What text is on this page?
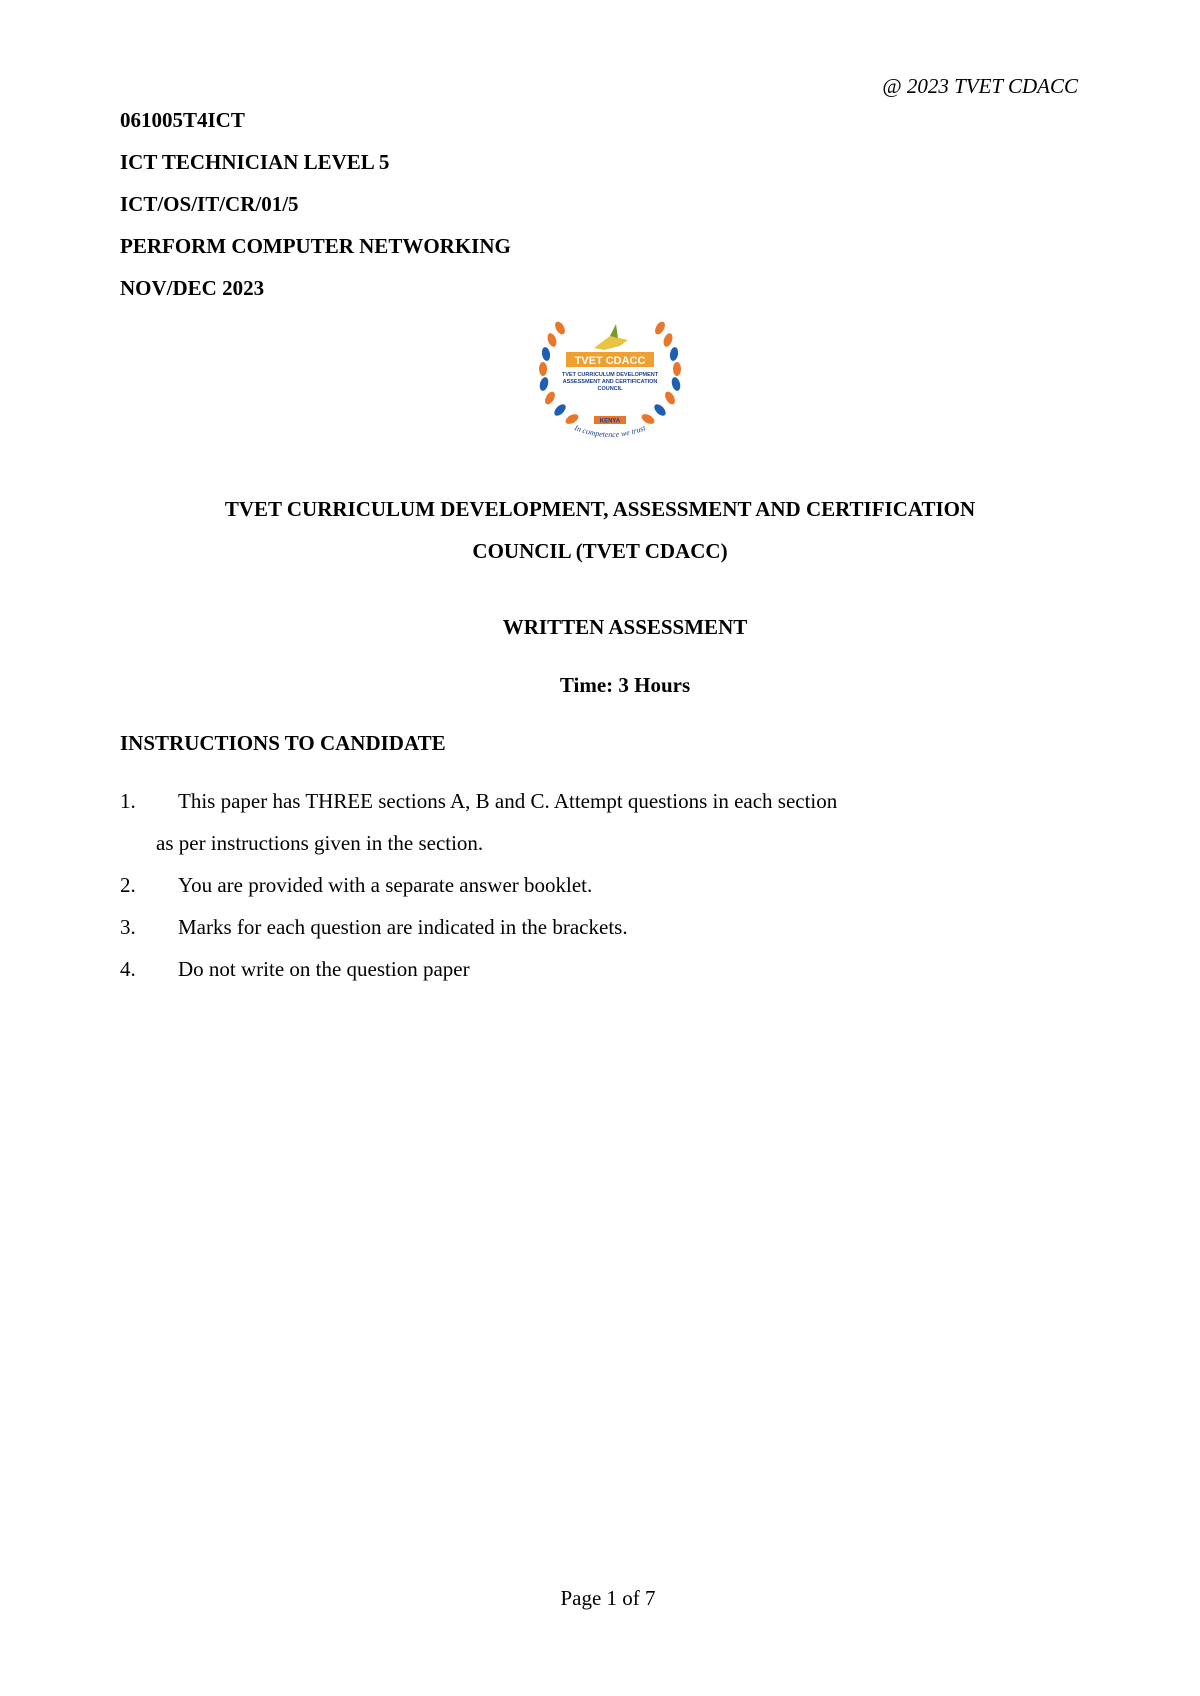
@ 2023 TVET CDACC
061005T4ICT
ICT TECHNICIAN LEVEL 5
ICT/OS/IT/CR/01/5
PERFORM COMPUTER NETWORKING
NOV/DEC 2023
TVET CDACC
TVET CURRICULUM DEVELOPMENT
ASSESSMENT AND CERTIFICATION
COUNCIL
KENYA
In competence we trust
TVET CURRICULUM DEVELOPMENT, ASSESSMENT AND CERTIFICATION
COUNCIL (TVET CDACC)
WRITTEN ASSESSMENT
Time: 3 Hours
INSTRUCTIONS TO CANDIDATE
1. This paper has THREE sections A, B and C. Attempt questions in each section
as per instructions given in the section.
2. You are provided with a separate answer booklet.
3. Marks for each question are indicated in the brackets.
4. Do not write on the question paper
Page 1 of 7
